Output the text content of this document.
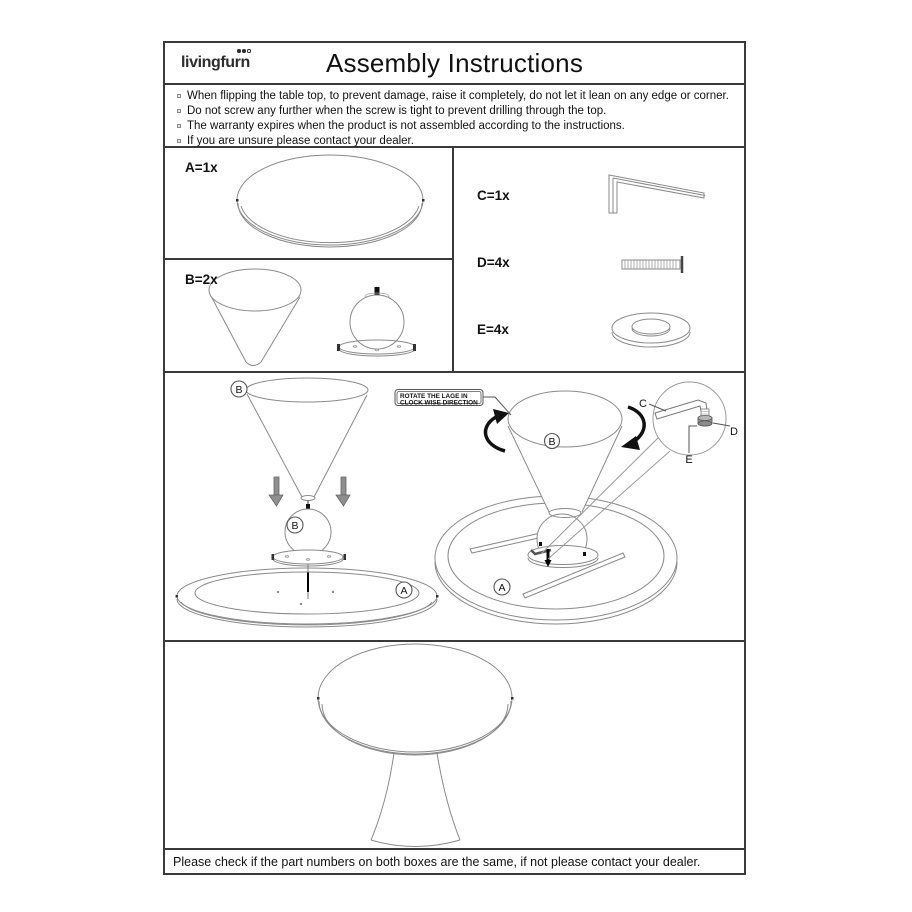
livingfurn	Assembly Instructions
When flipping the table top, to prevent damage, raise it completely, do not let it lean on any edge or corner.
Do not screw any further when the screw is tight to prevent drilling through the top.
The warranty expires when the product is not assembled according to the instructions.
If you are unsure please contact your dealer.
A=1x
B=2x
C=1x
D=4x
E=4x
B
B
A
ROTATE THE LAGE IN
CLOCK WISE DIRECTION	C
D
E
B
A
Please check if the part numbers on both boxes are the same, if not please contact your dealer.
